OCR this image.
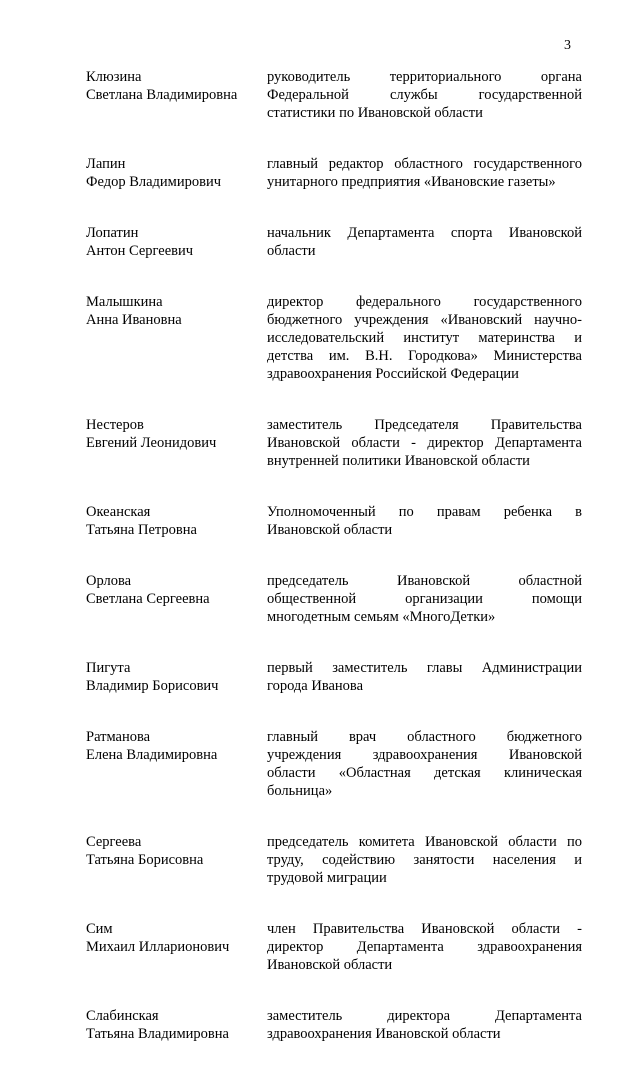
3
Клюзина
Светлана Владимировна
руководитель территориального органа
Федеральной службы государственной
статистики по Ивановской области
Лапин
Федор Владимирович
главный редактор областного государственного
унитарного предприятия «Ивановские газеты»
Лопатин
Антон Сергеевич
начальник Департамента спорта Ивановской
области
Малышкина
Анна Ивановна
директор федерального государственного
бюджетного учреждения «Ивановский научно-
исследовательский институт материнства и
детства им. В.Н. Городкова» Министерства
здравоохранения Российской Федерации
Нестеров
Евгений Леонидович
заместитель Председателя Правительства
Ивановской области - директор Департамента
внутренней политики Ивановской области
Океанская
Татьяна Петровна
Уполномоченный по правам ребенка в
Ивановской области
Орлова
Светлана Сергеевна
председатель Ивановской областной
общественной организации помощи
многодетным семьям «МногоДетки»
Пигута
Владимир Борисович
первый заместитель главы Администрации
города Иванова
Ратманова
Елена Владимировна
главный врач областного бюджетного
учреждения здравоохранения Ивановской
области «Областная детская клиническая
больница»
Сергеева
Татьяна Борисовна
председатель комитета Ивановской области по
труду, содействию занятости населения и
трудовой миграции
Сим
Михаил Илларионович
член Правительства Ивановской области -
директор Департамента здравоохранения
Ивановской области
Слабинская
Татьяна Владимировна
заместитель директора Департамента
здравоохранения Ивановской области
